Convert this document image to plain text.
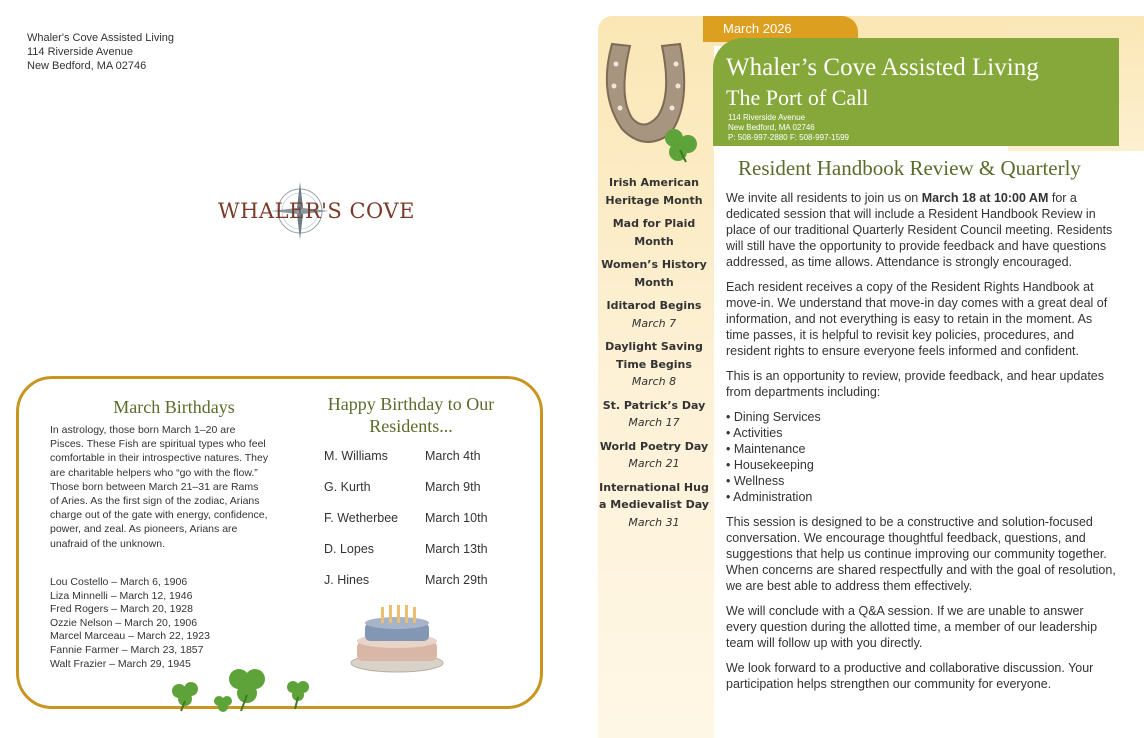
Whaler's Cove Assisted Living
114 Riverside Avenue
New Bedford, MA 02746
WHALER'S COVE
March Birthdays
In astrology, those born March 1–20 are Pisces. These Fish are spiritual types who feel comfortable in their introspective natures. They are charitable helpers who “go with the flow.” Those born between March 21–31 are Rams of Aries. As the first sign of the zodiac, Arians charge out of the gate with energy, confidence, power, and zeal. As pioneers, Arians are unafraid of the unknown.
Lou Costello – March 6, 1906
Liza Minnelli – March 12, 1946
Fred Rogers – March 20, 1928
Ozzie Nelson – March 20, 1906
Marcel Marceau – March 22, 1923
Fannie Farmer – March 23, 1857
Walt Frazier – March 29, 1945
Happy Birthday to Our Residents...
M. Williams	March 4th
G. Kurth	March 9th
F. Wetherbee	March 10th
D. Lopes	March 13th
J. Hines	March 29th
March 2026
Whaler’s Cove Assisted Living
The Port of Call
114 Riverside Avenue
New Bedford, MA 02746
P: 508-997-2880 F: 508-997-1599
Irish American Heritage Month
Mad for Plaid Month
Women’s History Month
Iditarod Begins
March 7
Daylight Saving Time Begins
March 8
St. Patrick’s Day
March 17
World Poetry Day
March 21
International Hug a Medievalist Day
March 31
Resident Handbook Review & Quarterly

We invite all residents to join us on March 18 at 10:00 AM for a dedicated session that will include a Resident Handbook Review in place of our traditional Quarterly Resident Council meeting. Residents will still have the opportunity to provide feedback and have questions addressed, as time allows. Attendance is strongly encouraged.

Each resident receives a copy of the Resident Rights Handbook at move-in. We understand that move-in day comes with a great deal of information, and not everything is easy to retain in the moment. As time passes, it is helpful to revisit key policies, procedures, and resident rights to ensure everyone feels informed and confident.

This is an opportunity to review, provide feedback, and hear updates from departments including:

• Dining Services
• Activities
• Maintenance
• Housekeeping
• Wellness
• Administration

This session is designed to be a constructive and solution-focused conversation. We encourage thoughtful feedback, questions, and suggestions that help us continue improving our community together. When concerns are shared respectfully and with the goal of resolution, we are best able to address them effectively.

We will conclude with a Q&A session. If we are unable to answer every question during the allotted time, a member of our leadership team will follow up with you directly.

We look forward to a productive and collaborative discussion. Your participation helps strengthen our community for everyone.
